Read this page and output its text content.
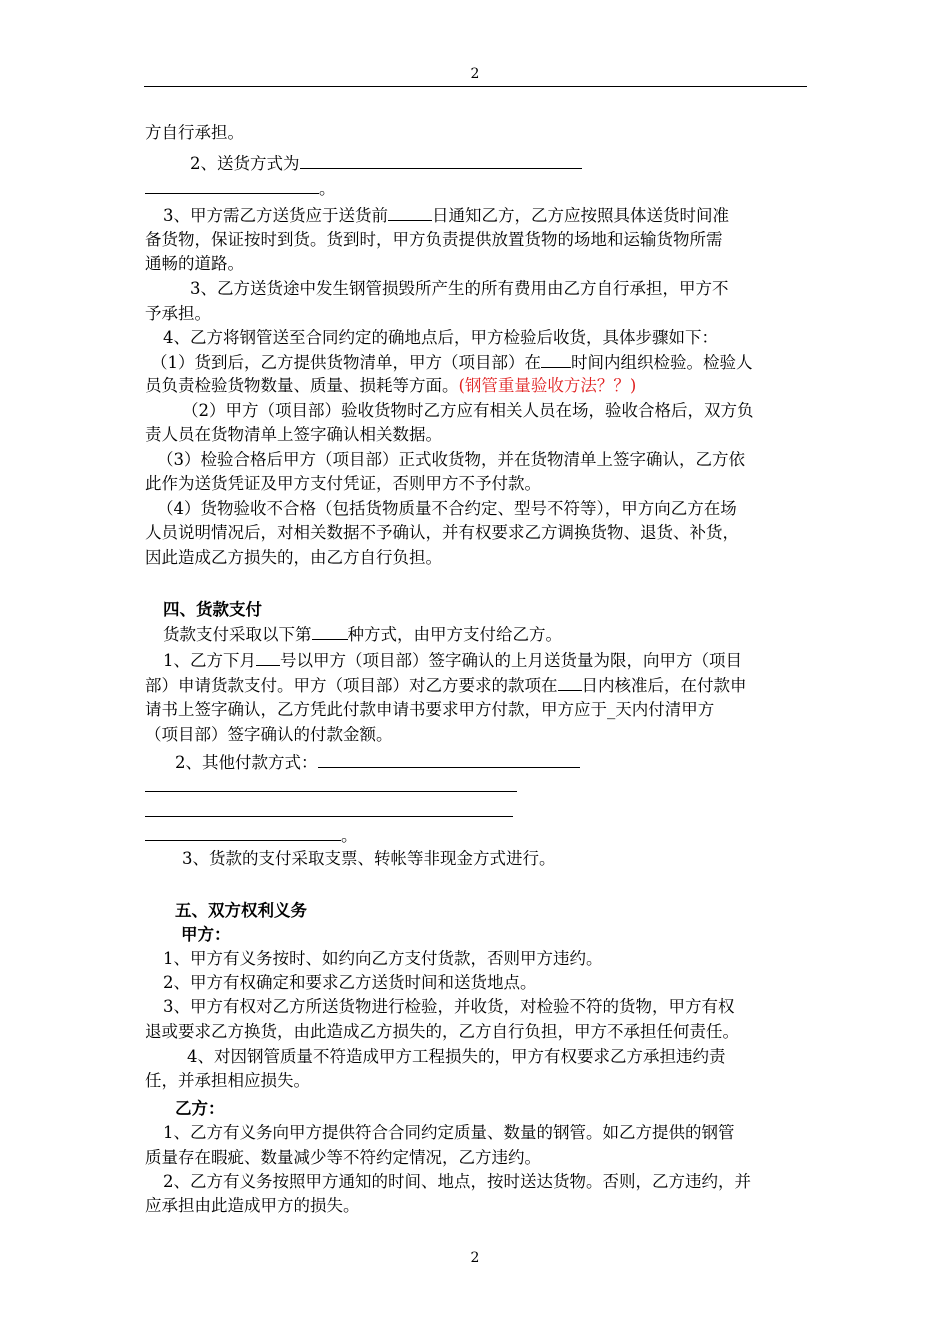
2
方自行承担。
2、送货方式为
。
3、甲方需乙方送货应于送货前	日通知乙方，乙方应按照具体送货时间准
备货物，保证按时到货。货到时，甲方负责提供放置货物的场地和运输货物所需
通畅的道路。
3、乙方送货途中发生钢管损毁所产生的所有费用由乙方自行承担，甲方不
予承担。
4、乙方将钢管送至合同约定的确地点后，甲方检验后收货，具体步骤如下：
（1）货到后，乙方提供货物清单，甲方（项目部）在 时间内组织检验。检验人
员负责检验货物数量、质量、损耗等方面。(钢管重量验收方法？？)
（2）甲方（项目部）验收货物时乙方应有相关人员在场，验收合格后，双方负
责人员在货物清单上签字确认相关数据。
（3）检验合格后甲方（项目部）正式收货物，并在货物清单上签字确认，乙方依
此作为送货凭证及甲方支付凭证，否则甲方不予付款。
（4）货物验收不合格（包括货物质量不合约定、型号不符等），甲方向乙方在场
人员说明情况后，对相关数据不予确认，并有权要求乙方调换货物、退货、补货，
因此造成乙方损失的，由乙方自行负担。
四、货款支付
货款支付采取以下第 种方式，由甲方支付给乙方。
1、乙方下月 号以甲方（项目部）签字确认的上月送货量为限，向甲方（项目
部）申请货款支付。甲方（项目部）对乙方要求的款项在 日内核准后，在付款申
请书上签字确认，乙方凭此付款申请书要求甲方付款，甲方应于_天内付清甲方
（项目部）签字确认的付款金额。
2、其他付款方式：
。
3、货款的支付采取支票、转帐等非现金方式进行。
五、双方权利义务
甲方：
1、甲方有义务按时、如约向乙方支付货款，否则甲方违约。
2、甲方有权确定和要求乙方送货时间和送货地点。
3、甲方有权对乙方所送货物进行检验，并收货，对检验不符的货物，甲方有权
退或要求乙方换货，由此造成乙方损失的，乙方自行负担，甲方不承担任何责任。
4、对因钢管质量不符造成甲方工程损失的，甲方有权要求乙方承担违约责
任，并承担相应损失。
乙方：
1、乙方有义务向甲方提供符合合同约定质量、数量的钢管。如乙方提供的钢管
质量存在暇疵、数量减少等不符约定情况，乙方违约。
2、乙方有义务按照甲方通知的时间、地点，按时送达货物。否则，乙方违约，并
应承担由此造成甲方的损失。
2
